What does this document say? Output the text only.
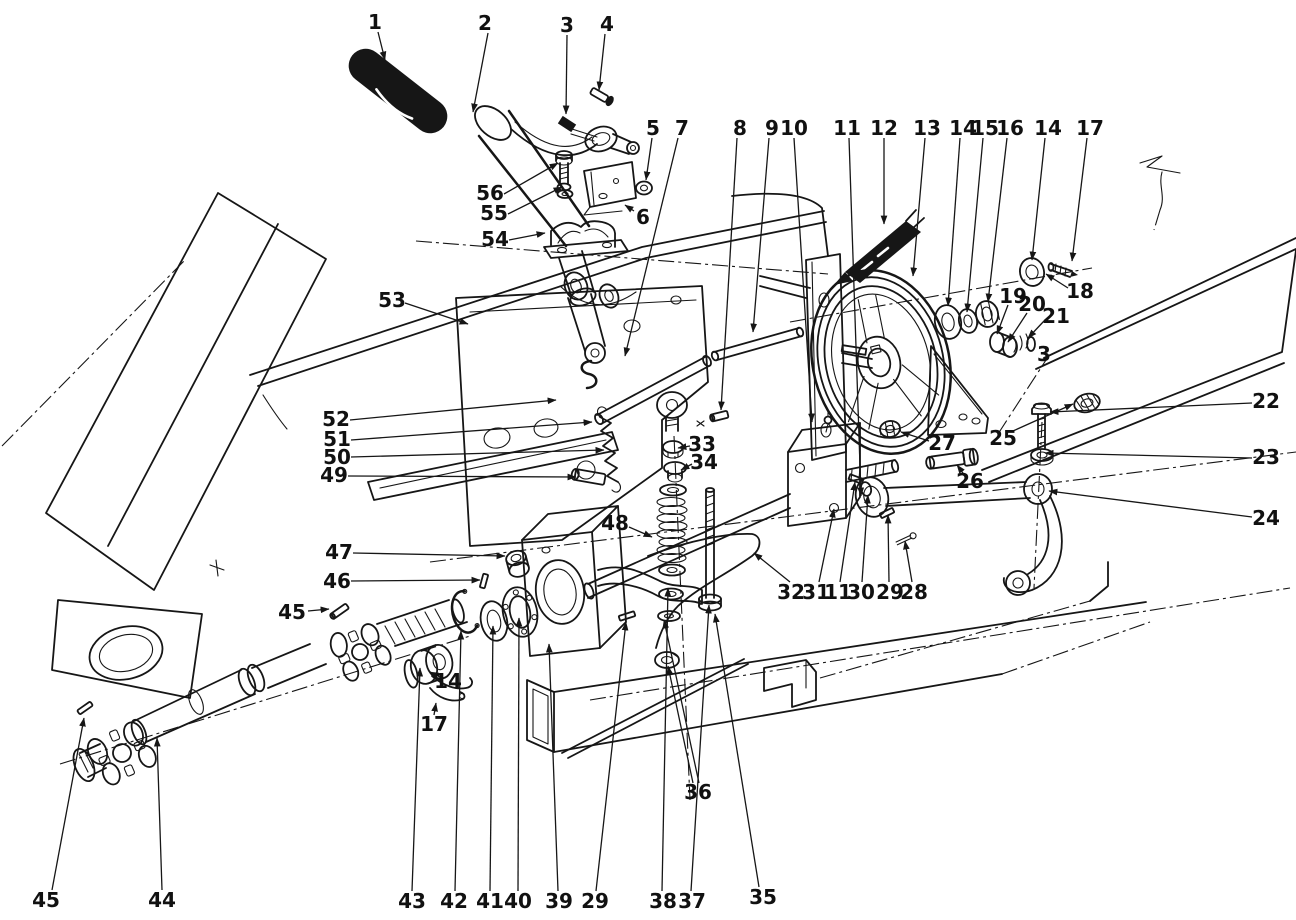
1	2	3 4
5 7
6
8 9 10 11 12 13 14
15
16 14 17
18
19
20
21
22
23
24
25
26
27
28
29
30
11
31
32
33
34
35
36
37
38
29
39
40
41
42
43
44
45
45
14
17
46
47
48
49
50
51
52
53
54
55
56
3
